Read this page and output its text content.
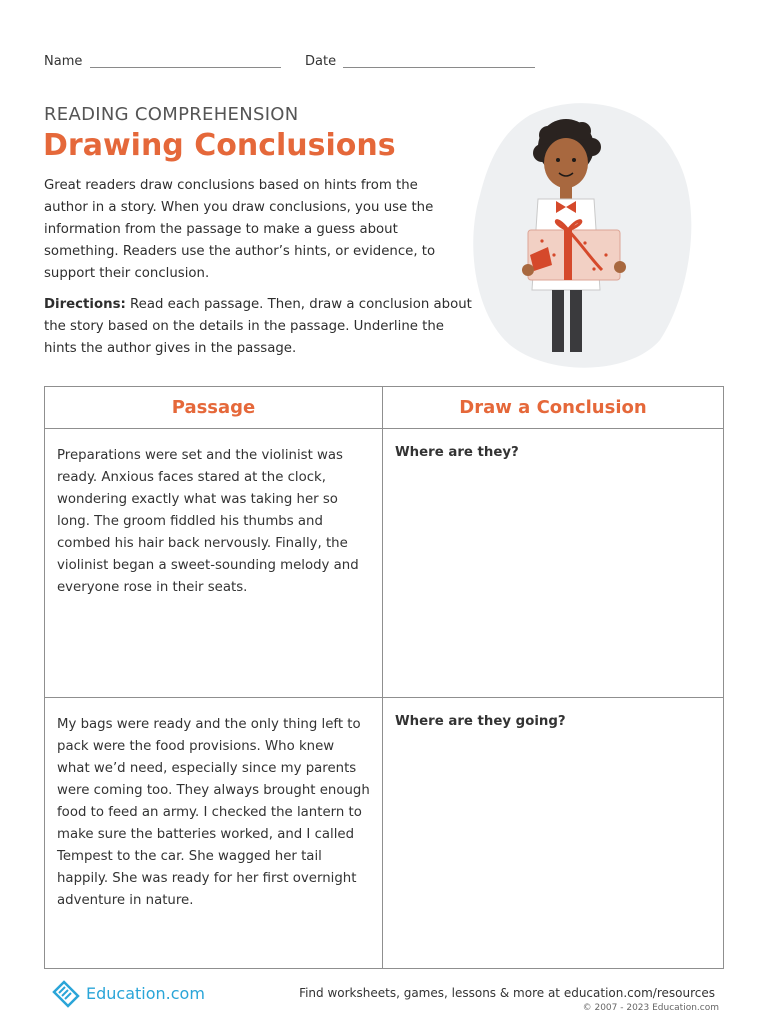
Name	Date
READING COMPREHENSION
Drawing Conclusions

Great readers draw conclusions based on hints from the author in a story. When you draw conclusions, you use the information from the passage to make a guess about something. Readers use the author’s hints, or evidence, to support their conclusion.

Directions: Read each passage. Then, draw a conclusion about the story based on the details in the passage. Underline the hints the author gives in the passage.

Passage	Draw a Conclusion
Preparations were set and the violinist was ready. Anxious faces stared at the clock, wondering exactly what was taking her so long. The groom fiddled his thumbs and combed his hair back nervously. Finally, the violinist began a sweet-sounding melody and everyone rose in their seats.	Where are they?
My bags were ready and the only thing left to pack were the food provisions. Who knew what we’d need, especially since my parents were coming too. They always brought enough food to feed an army. I checked the lantern to make sure the batteries worked, and I called Tempest to the car. She wagged her tail happily. She was ready for her first overnight adventure in nature.	Where are they going?
Education.com	Find worksheets, games, lessons & more at education.com/resources
© 2007 - 2023 Education.com
